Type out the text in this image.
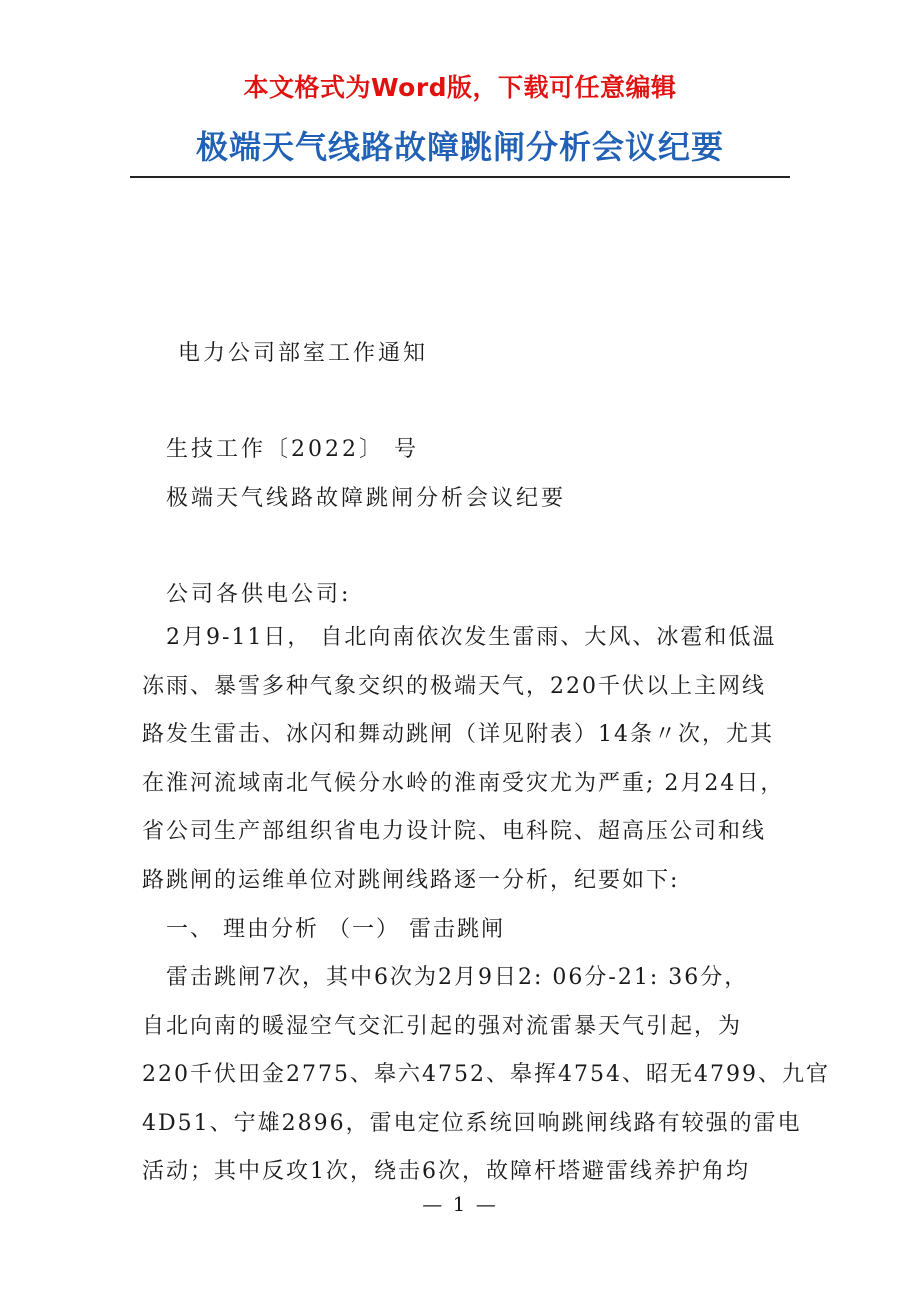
本文格式为Word版，下载可任意编辑
极端天气线路故障跳闸分析会议纪要
电力公司部室工作通知
生技工作〔2022〕 号
极端天气线路故障跳闸分析会议纪要
公司各供电公司:
2月9-11日， 自北向南依次发生雷雨、大风、冰雹和低温
冻雨、暴雪多种气象交织的极端天气，220千伏以上主网线
路发生雷击、冰闪和舞动跳闸（详见附表）14条〃次，尤其
在淮河流域南北气候分水岭的淮南受灾尤为严重; 2月24日，
省公司生产部组织省电力设计院、电科院、超高压公司和线
路跳闸的运维单位对跳闸线路逐一分析，纪要如下:
一、 理由分析 （一） 雷击跳闸
雷击跳闸7次，其中6次为2月9日2: 06分-21: 36分，
自北向南的暖湿空气交汇引起的强对流雷暴天气引起，为
220千伏田金2775、皋六4752、皋挥4754、昭无4799、九官
4D51、宁雄2896，雷电定位系统回响跳闸线路有较强的雷电
活动；其中反攻1次，绕击6次，故障杆塔避雷线养护角均
— 1 —
